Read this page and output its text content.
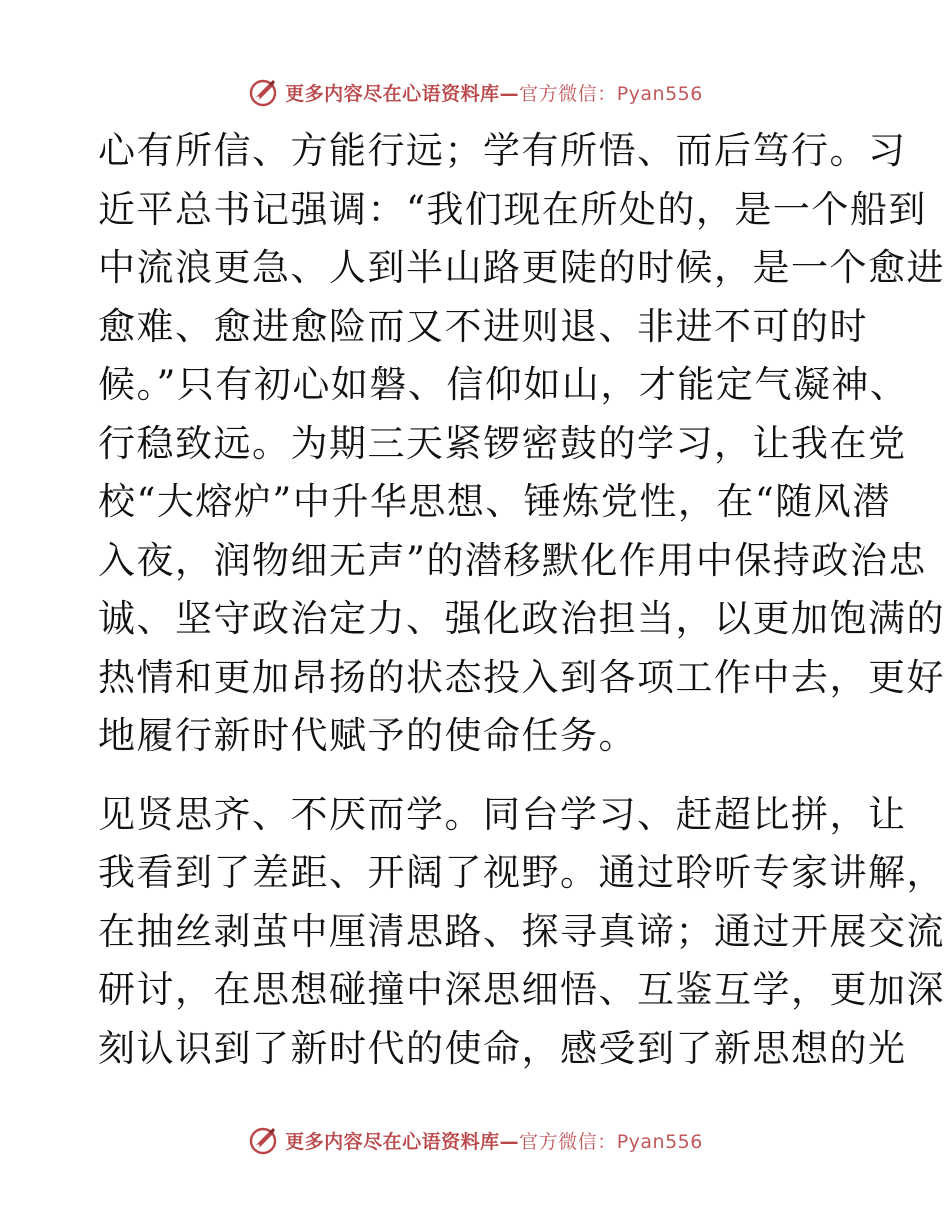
更多内容尽在心语资料库—官方微信：Pyan556
心有所信、方能行远；学有所悟、而后笃行。习
近平总书记强调：“我们现在所处的，是一个船到
中流浪更急、人到半山路更陡的时候，是一个愈进
愈难、愈进愈险而又不进则退、非进不可的时
候。”只有初心如磐、信仰如山，才能定气凝神、
行稳致远。为期三天紧锣密鼓的学习，让我在党
校“大熔炉”中升华思想、锤炼党性，在“随风潜
入夜，润物细无声”的潜移默化作用中保持政治忠
诚、坚守政治定力、强化政治担当，以更加饱满的
热情和更加昂扬的状态投入到各项工作中去，更好
地履行新时代赋予的使命任务。
见贤思齐、不厌而学。同台学习、赶超比拼，让
我看到了差距、开阔了视野。通过聆听专家讲解，
在抽丝剥茧中厘清思路、探寻真谛；通过开展交流
研讨，在思想碰撞中深思细悟、互鉴互学，更加深
刻认识到了新时代的使命，感受到了新思想的光
更多内容尽在心语资料库—官方微信：Pyan556
